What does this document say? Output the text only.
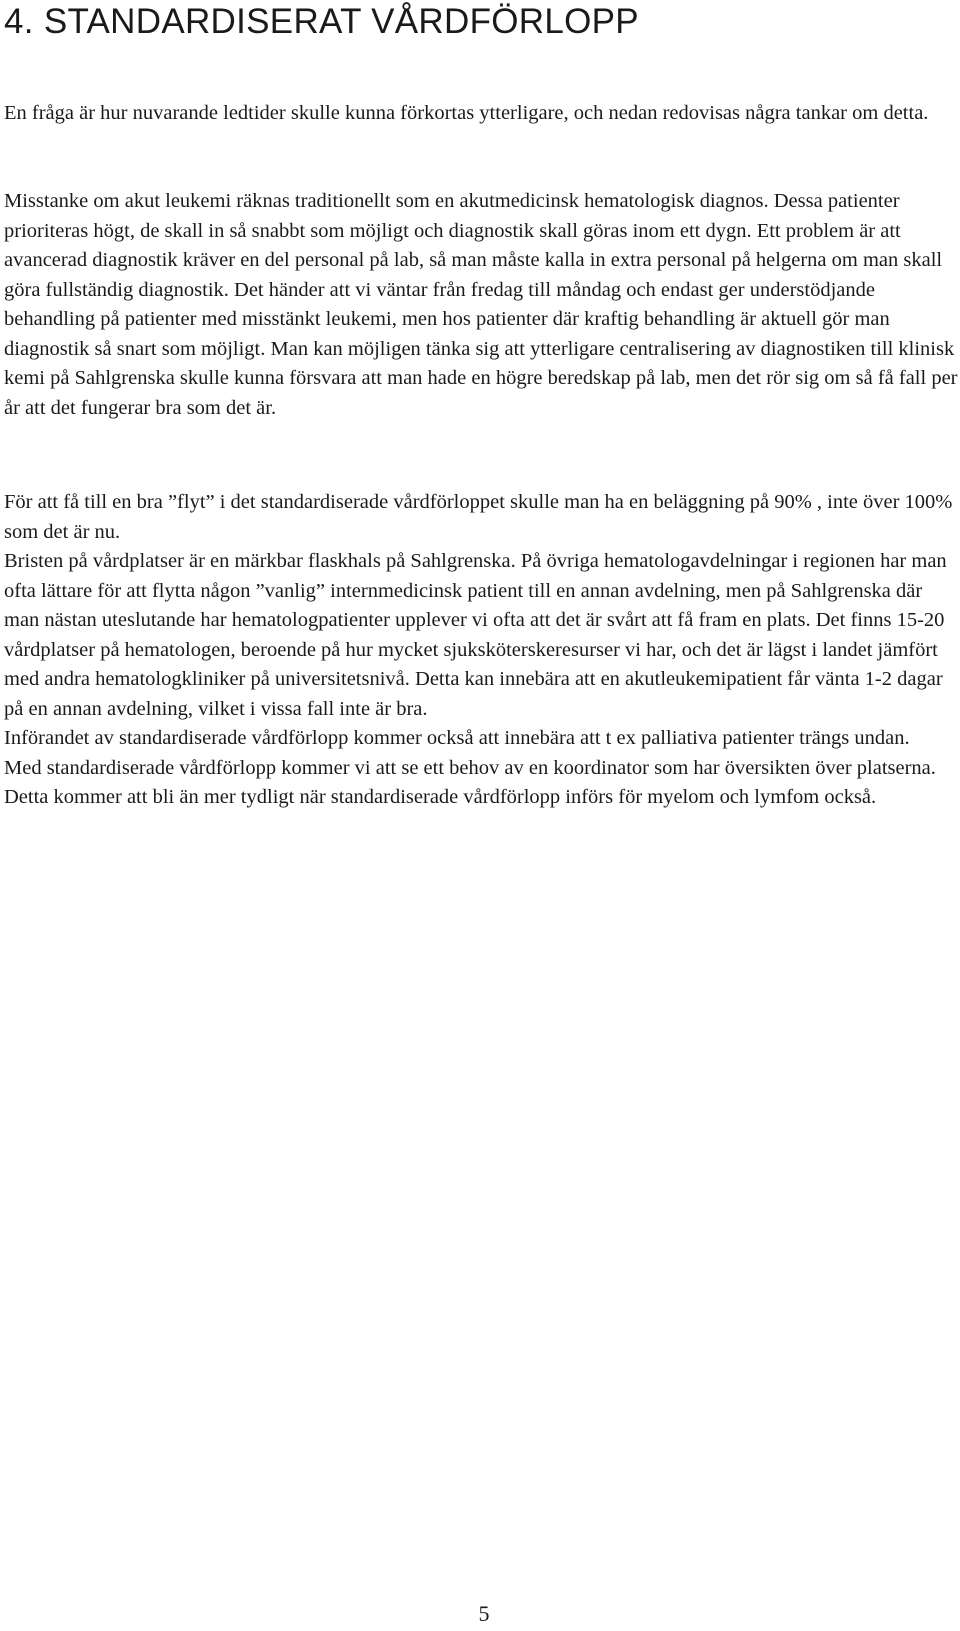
4. STANDARDISERAT VÅRDFÖRLOPP

En fråga är hur nuvarande ledtider skulle kunna förkortas ytterligare, och nedan redovisas några tankar om detta.

Misstanke om akut leukemi räknas traditionellt som en akutmedicinsk hematologisk diagnos. Dessa patienter prioriteras högt, de skall in så snabbt som möjligt och diagnostik skall göras inom ett dygn. Ett problem är att avancerad diagnostik kräver en del personal på lab, så man måste kalla in extra personal på helgerna om man skall göra fullständig diagnostik. Det händer att vi väntar från fredag till måndag och endast ger understödjande behandling på patienter med misstänkt leukemi, men hos patienter där kraftig behandling är aktuell gör man diagnostik så snart som möjligt. Man kan möjligen tänka sig att ytterligare centralisering av diagnostiken till klinisk kemi på Sahlgrenska skulle kunna försvara att man hade en högre beredskap på lab, men det rör sig om så få fall per år att det fungerar bra som det är.

För att få till en bra ”flyt” i det standardiserade vårdförloppet skulle man ha en beläggning på 90% , inte över 100% som det är nu.
Bristen på vårdplatser är en märkbar flaskhals på Sahlgrenska. På övriga hematologavdelningar i regionen har man ofta lättare för att flytta någon ”vanlig” internmedicinsk patient till en annan avdelning, men på Sahlgrenska där man nästan uteslutande har hematologpatienter upplever vi ofta att det är svårt att få fram en plats. Det finns 15-20 vårdplatser på hematologen, beroende på hur mycket sjuksköterskeresurser vi har, och det är lägst i landet jämfört med andra hematologkliniker på universitetsnivå. Detta kan innebära att en akutleukemipatient får vänta 1-2 dagar på en annan avdelning, vilket i vissa fall inte är bra.
Införandet av standardiserade vårdförlopp kommer också att innebära att t ex palliativa patienter trängs undan.
Med standardiserade vårdförlopp kommer vi att se ett behov av en koordinator som har översikten över platserna. Detta kommer att bli än mer tydligt när standardiserade vårdförlopp införs för myelom och lymfom också.
5
